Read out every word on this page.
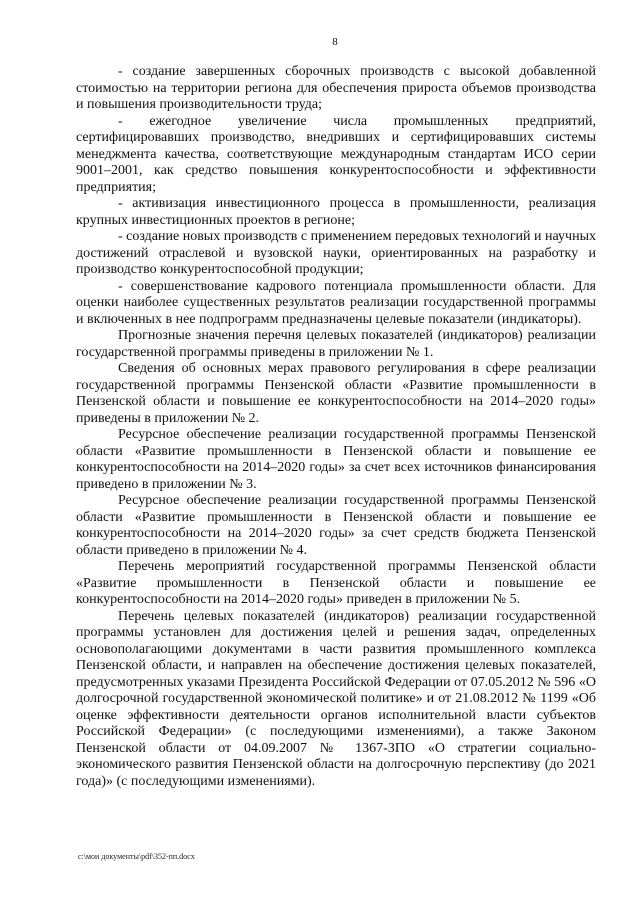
8

- создание завершенных сборочных производств с высокой добавленной стоимостью на территории региона для обеспечения прироста объемов производства и повышения производительности труда;

- ежегодное увеличение числа промышленных предприятий, сертифицировавших производство, внедривших и сертифицировавших системы менеджмента качества, соответствующие международным стандартам ИСО серии 9001–2001, как средство повышения конкурентоспособности и эффективности предприятия;

- активизация инвестиционного процесса в промышленности, реализация крупных инвестиционных проектов в регионе;

- создание новых производств с применением передовых технологий и научных достижений отраслевой и вузовской науки, ориентированных на разработку и производство конкурентоспособной продукции;

- совершенствование кадрового потенциала промышленности области. Для оценки наиболее существенных результатов реализации государственной программы и включенных в нее подпрограмм предназначены целевые показатели (индикаторы).

Прогнозные значения перечня целевых показателей (индикаторов) реализации государственной программы приведены в приложении № 1.

Сведения об основных мерах правового регулирования в сфере реализации государственной программы Пензенской области «Развитие промышленности в Пензенской области и повышение ее конкурентоспособности на 2014–2020 годы» приведены в приложении № 2.

Ресурсное обеспечение реализации государственной программы Пензенской области «Развитие промышленности в Пензенской области и повышение ее конкурентоспособности на 2014–2020 годы» за счет всех источников финансирования приведено в приложении № 3.

Ресурсное обеспечение реализации государственной программы Пензенской области «Развитие промышленности в Пензенской области и повышение ее конкурентоспособности на 2014–2020 годы» за счет средств бюджета Пензенской области приведено в приложении № 4.

Перечень мероприятий государственной программы Пензенской области «Развитие промышленности в Пензенской области и повышение ее конкурентоспособности на 2014–2020 годы» приведен в приложении № 5.

Перечень целевых показателей (индикаторов) реализации государственной программы установлен для достижения целей и решения задач, определенных основополагающими документами в части развития промышленного комплекса Пензенской области, и направлен на обеспечение достижения целевых показателей, предусмотренных указами Президента Российской Федерации от 07.05.2012 № 596 «О долгосрочной государственной экономической политике» и от 21.08.2012 № 1199 «Об оценке эффективности деятельности органов исполнительной власти субъектов Российской Федерации» (с последующими изменениями), а также Законом Пензенской области от 04.09.2007 № 1367-ЗПО «О стратегии социально-экономического развития Пензенской области на долгосрочную перспективу (до 2021 года)» (с последующими изменениями).

c:\мои документы\pdf\352-пп.docx
